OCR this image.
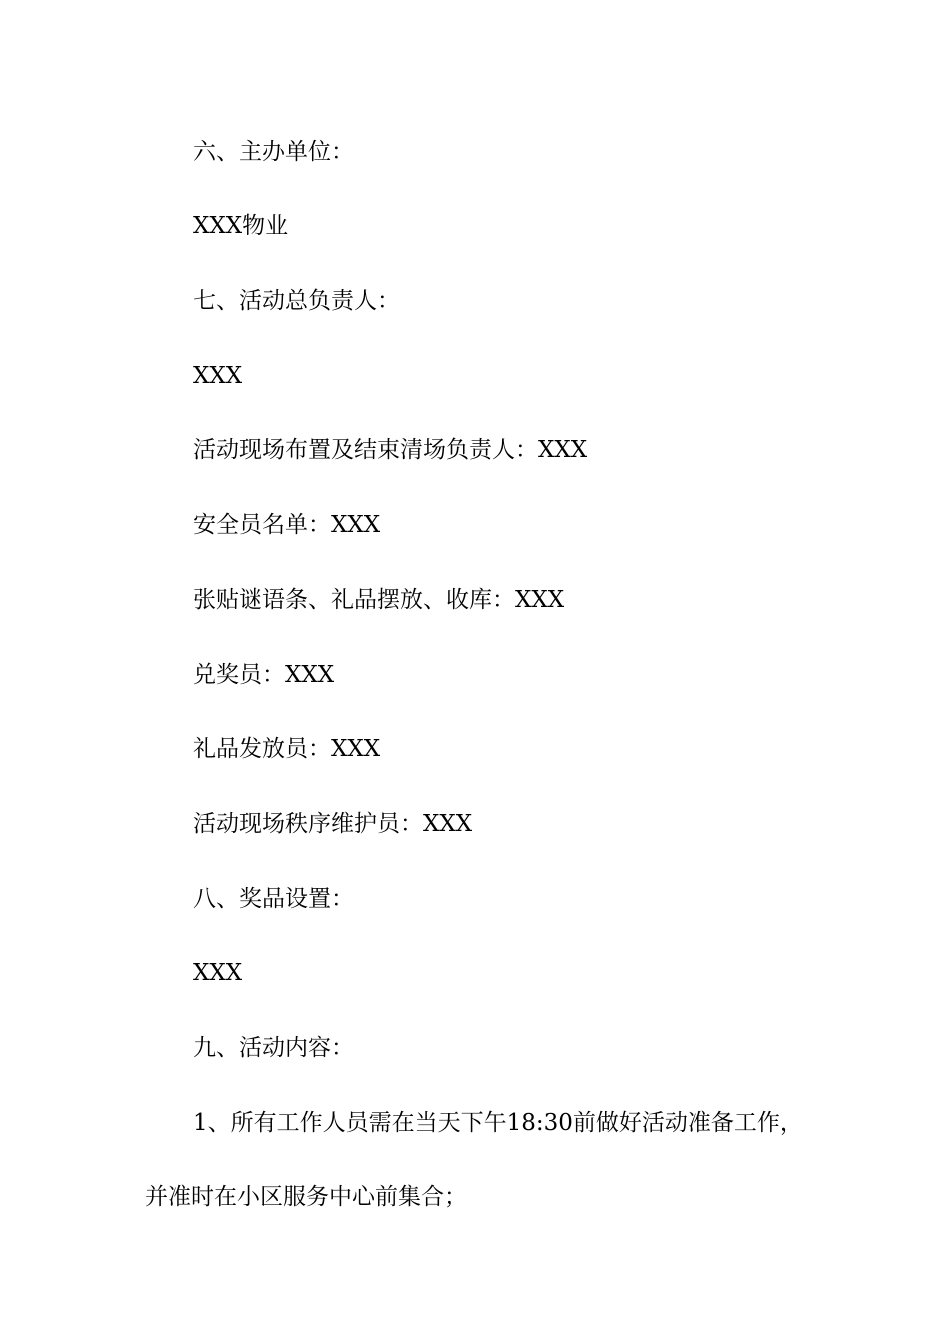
六、主办单位：
XXX物业
七、活动总负责人：
XXX
活动现场布置及结束清场负责人：XXX
安全员名单：XXX
张贴谜语条、礼品摆放、收库：XXX
兑奖员：XXX
礼品发放员：XXX
活动现场秩序维护员：XXX
八、奖品设置：
XXX
九、活动内容：
1、所有工作人员需在当天下午18:30前做好活动准备工作，
并准时在小区服务中心前集合；
